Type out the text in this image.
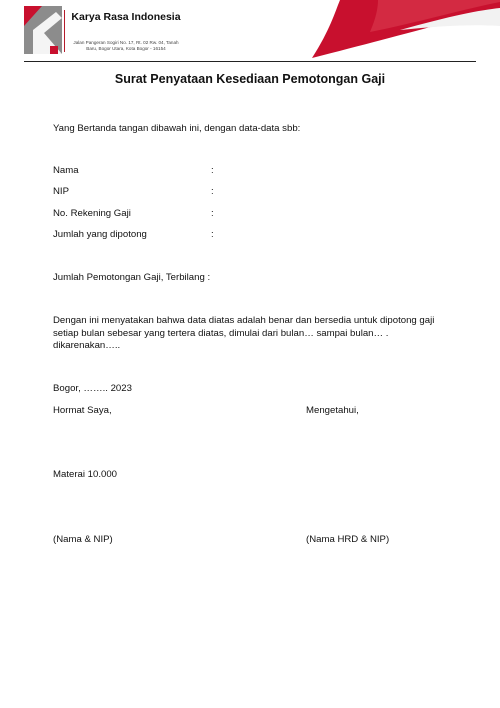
Karya Rasa Indonesia
Jalan Pangeran Sogiri No. 17, Rt. 02 Rw. 04, Tanah Baru, Bogor Utara, Kota Bogor - 16154
Surat Penyataan Kesediaan Pemotongan Gaji
Yang Bertanda tangan dibawah ini, dengan data-data sbb:
Nama	:
NIP	:
No. Rekening Gaji	:
Jumlah yang dipotong	:
Jumlah Pemotongan Gaji, Terbilang :
Dengan ini menyatakan bahwa data diatas adalah benar dan bersedia untuk dipotong gaji setiap bulan sebesar yang tertera diatas, dimulai dari bulan… sampai bulan… . dikarenakan…..
Bogor, …….. 2023
Hormat Saya,	Mengetahui,
Materai 10.000
(Nama & NIP)	(Nama HRD & NIP)
